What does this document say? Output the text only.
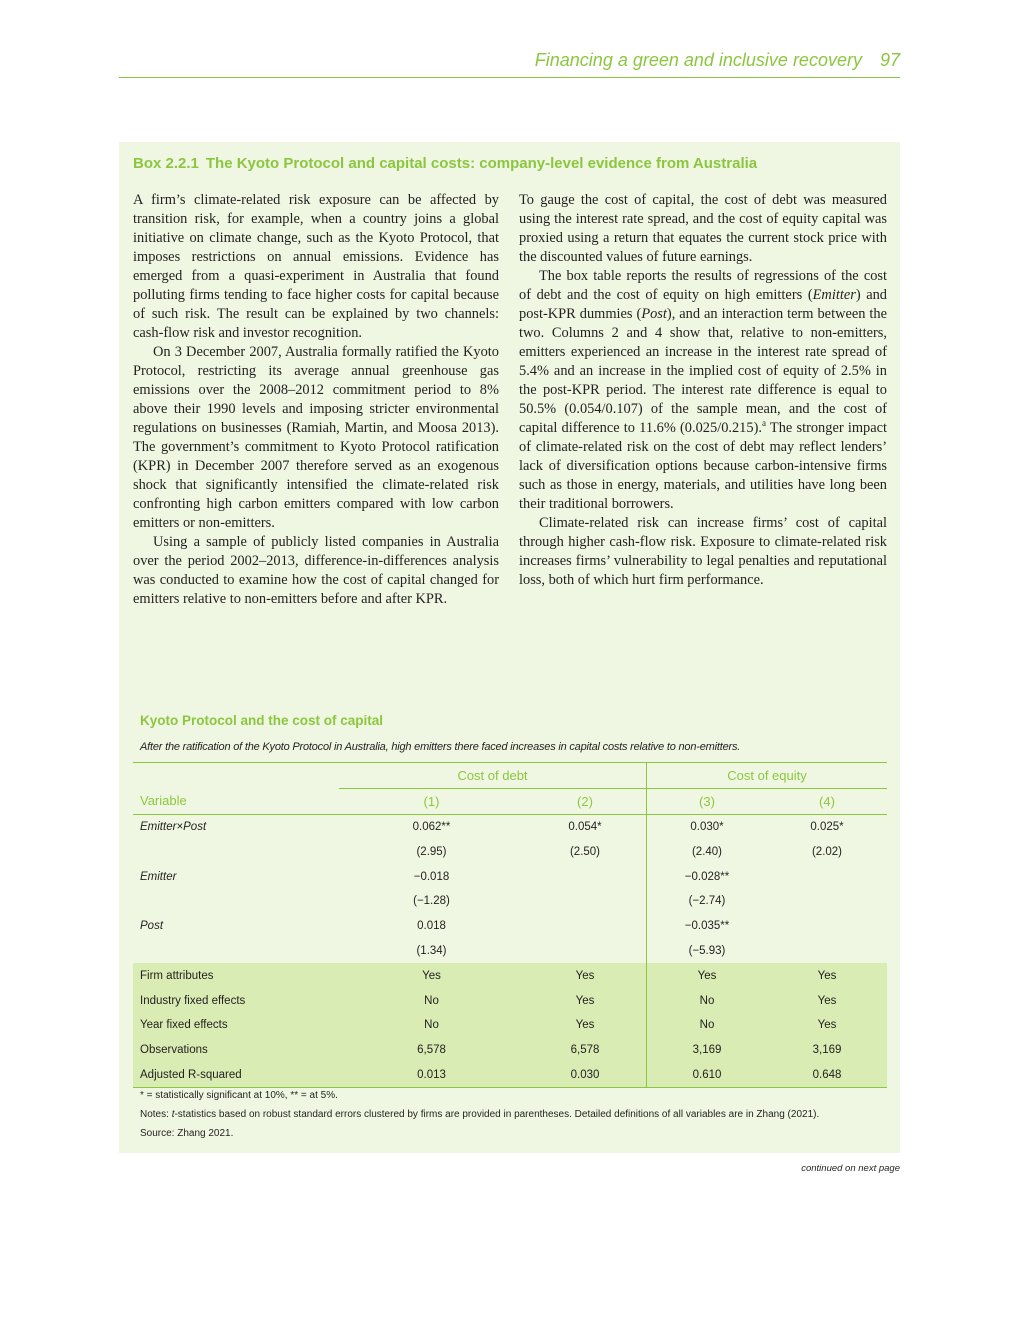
Financing a green and inclusive recovery 97
Box 2.2.1 The Kyoto Protocol and capital costs: company-level evidence from Australia

A firm’s climate-related risk exposure can be affected by transition risk, for example, when a country joins a global initiative on climate change, such as the Kyoto Protocol, that imposes restrictions on annual emissions. Evidence has emerged from a quasi-experiment in Australia that found polluting firms tending to face higher costs for capital because of such risk. The result can be explained by two channels: cash-flow risk and investor recognition.

On 3 December 2007, Australia formally ratified the Kyoto Protocol, restricting its average annual greenhouse gas emissions over the 2008–2012 commitment period to 8% above their 1990 levels and imposing stricter environmental regulations on businesses (Ramiah, Martin, and Moosa 2013). The government’s commitment to Kyoto Protocol ratification (KPR) in December 2007 therefore served as an exogenous shock that significantly intensified the climate-related risk confronting high carbon emitters compared with low carbon emitters or non-emitters.

Using a sample of publicly listed companies in Australia over the period 2002–2013, difference-in-differences analysis was conducted to examine how the cost of capital changed for emitters relative to non-emitters before and after KPR.

To gauge the cost of capital, the cost of debt was measured using the interest rate spread, and the cost of equity capital was proxied using a return that equates the current stock price with the discounted values of future earnings.

The box table reports the results of regressions of the cost of debt and the cost of equity on high emitters (Emitter) and post-KPR dummies (Post), and an interaction term between the two. Columns 2 and 4 show that, relative to non-emitters, emitters experienced an increase in the interest rate spread of 5.4% and an increase in the implied cost of equity of 2.5% in the post-KPR period. The interest rate difference is equal to 50.5% (0.054/0.107) of the sample mean, and the cost of capital difference to 11.6% (0.025/0.215).$^a$ The stronger impact of climate-related risk on the cost of debt may reflect lenders’ lack of diversification options because carbon-intensive firms such as those in energy, materials, and utilities have long been their traditional borrowers.

Climate-related risk can increase firms’ cost of capital through higher cash-flow risk. Exposure to climate-related risk increases firms’ vulnerability to legal penalties and reputational loss, both of which hurt firm performance.

Kyoto Protocol and the cost of capital
After the ratification of the Kyoto Protocol in Australia, high emitters there faced increases in capital costs relative to non-emitters.
	Cost of debt		Cost of equity	
Variable	(1)	(2)	(3)	(4)
Emitter×Post	0.062**	0.054*	0.030*	0.025*
	(2.95)	(2.50)	(2.40)	(2.02)
Emitter	−0.018		−0.028**	
	(−1.28)		(−2.74)	
Post	0.018		−0.035**	
	(1.34)		(−5.93)	
Firm attributes	Yes	Yes	Yes	Yes
Industry fixed effects	No	Yes	No	Yes
Year fixed effects	No	Yes	No	Yes
Observations	6,578	6,578	3,169	3,169
Adjusted R-squared	0.013	0.030	0.610	0.648
* = statistically significant at 10%, ** = at 5%.
Notes: t-statistics based on robust standard errors clustered by firms are provided in parentheses. Detailed definitions of all variables are in Zhang (2021).
Source: Zhang 2021.
continued on next page
